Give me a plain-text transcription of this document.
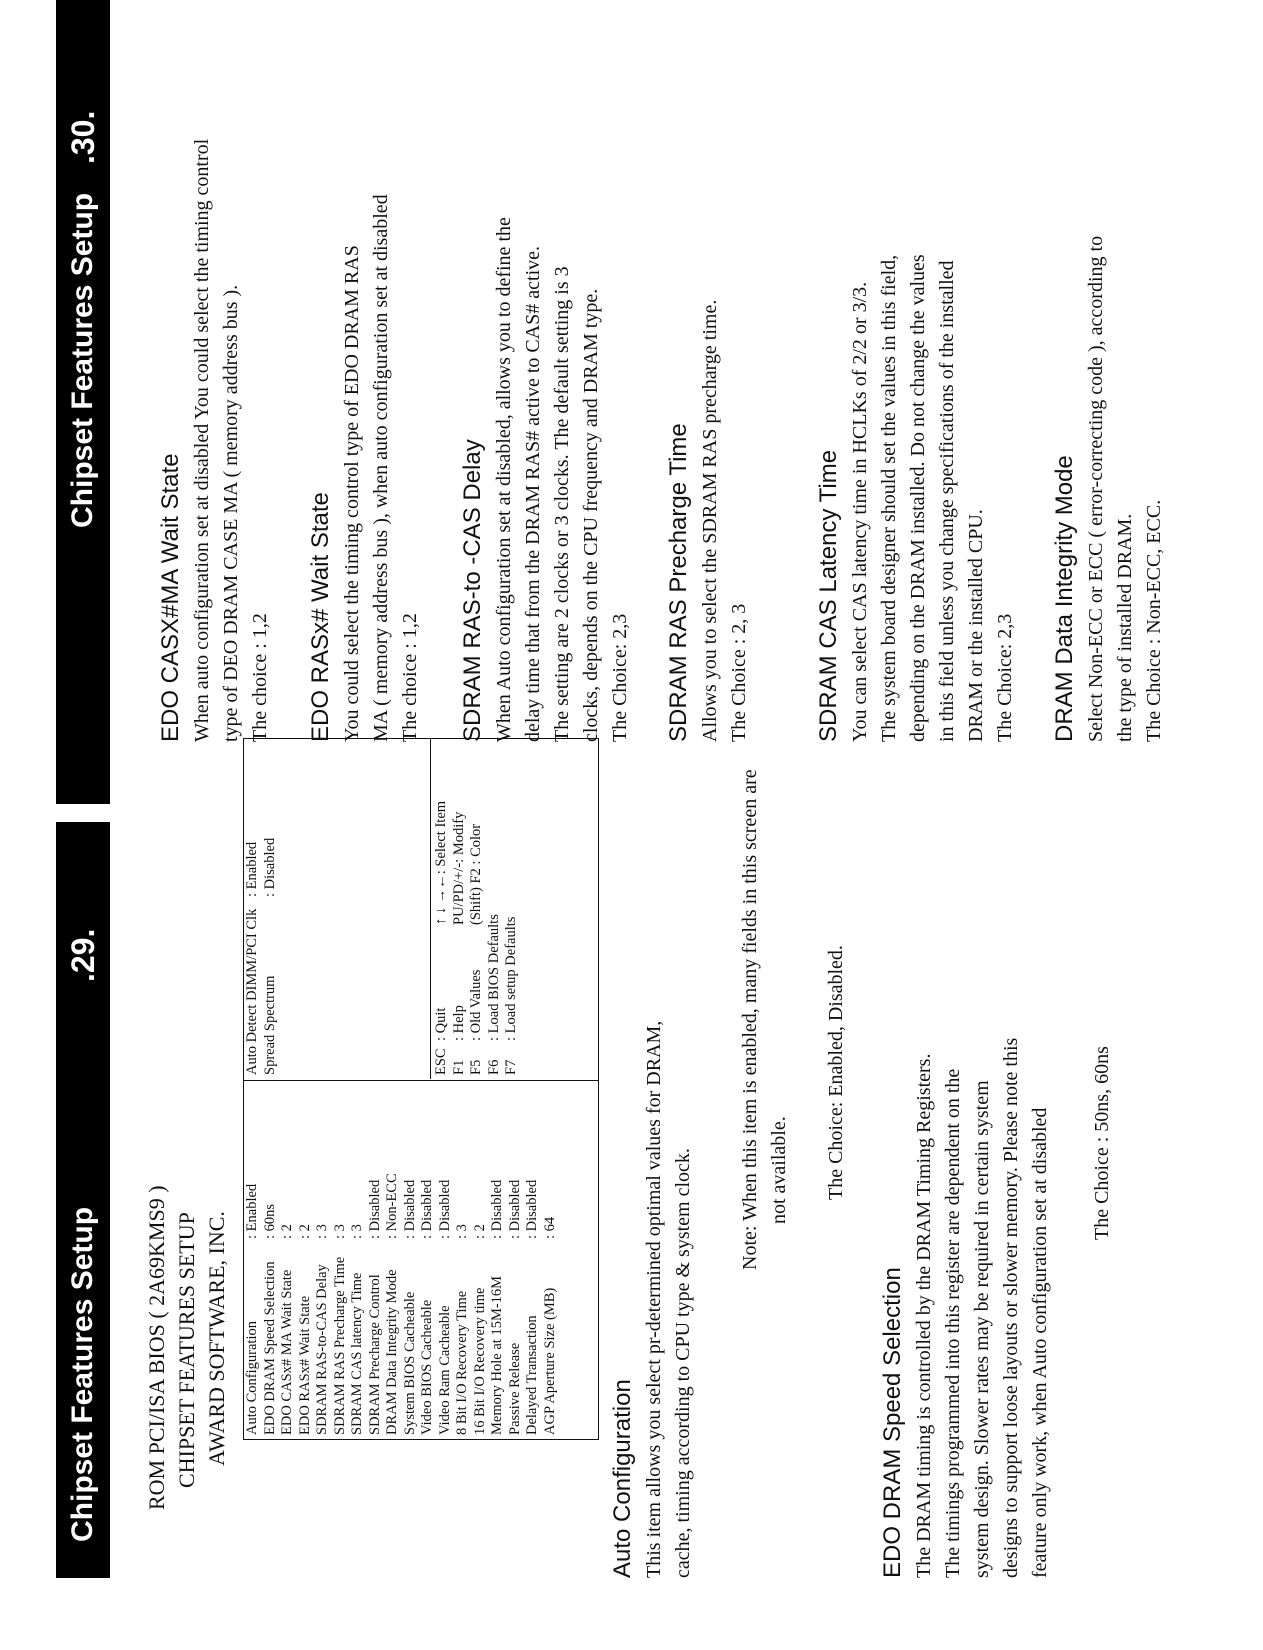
Chipset Features Setup
.29.
ROM PCI/ISA BIOS ( 2A69KMS9 ) CHIPSET FEATURES SETUP AWARD SOFTWARE, INC. Auto Configuration
: Enabled
EDO DRAM Speed Selection
: 60ns
EDO CASx# MA Wait State
: 2
EDO RASx# Wait State
: 2
SDRAM RAS-to-CAS Delay
: 3
SDRAM RAS Precharge Time
: 3
SDRAM CAS latency Time
: 3
SDRAM Precharge Control
: Disabled
DRAM Data Integrity Mode
: Non-ECC
System BIOS Cacheable
: Disabled
Video BIOS Cacheable
: Disabled
Video Ram Cacheable
: Disabled
8 Bit I/O Recovery Time
: 3
16 Bit I/O Recovery time
: 2
Memory Hole at 15M-16M
: Disabled
Passive Release
: Disabled
Delayed Transaction
: Disabled
AGP Aperture Size (MB)
: 64
Auto Detect DIMM/PCI Clk
: Enabled
Spread Spectrum
: Disabled
ESC
: Quit
↑ ↓ →←: Select Item
F1
: Help
PU/PD/+/-: Modify
F5
: Old Values
(Shift) F2 : Color
F6
: Load BIOS Defaults
F7
: Load setup Defaults
Auto Configuration This item allows you select pr-determined optimal values for DRAM, cache, timing according to CPU type & system clock.
Note: When this item is enabled, many fields in this screen are not available. The Choice: Enabled, Disabled.
EDO DRAM Speed Selection The DRAM timing is controlled by the DRAM Timing Registers. The timings programmed into this register are dependent on the system design. Slower rates may be required in certain system designs to support loose layouts or slower memory. Please note this feature only work, when Auto configuration set at disabled The Choice : 50ns, 60ns
Chipset Features Setup
.30.
EDO CASX#MA Wait State When auto configuration set at disabled You could select the timing control type of DEO DRAM CASE MA ( memory address bus ). The choice : 1,2 EDO RASx# Wait State You could select the timing control type of EDO DRAM RAS MA ( memory address bus ), when auto configuration set at disabled The choice : 1,2 SDRAM RAS-to -CAS Delay When Auto configuration set at disabled, allows you to define the delay time that from the DRAM RAS# active to CAS# active. The setting are 2 clocks or 3 clocks. The default setting is 3 clocks, depends on the CPU frequency and DRAM type. The Choice: 2,3 SDRAM RAS Precharge Time Allows you to select the SDRAM RAS precharge time. The Choice : 2, 3	SDRAM CAS Latency Time You can select CAS latency time in HCLKs of 2/2 or 3/3. The system board designer should set the values in this field, depending on the DRAM installed. Do not change the values in this field unless you change specifications of the installed DRAM or the installed CPU. The Choice: 2,3 DRAM Data Integrity Mode Select Non-ECC or ECC ( error-correcting code ), according to the type of installed DRAM. The Choice : Non-ECC, ECC.
